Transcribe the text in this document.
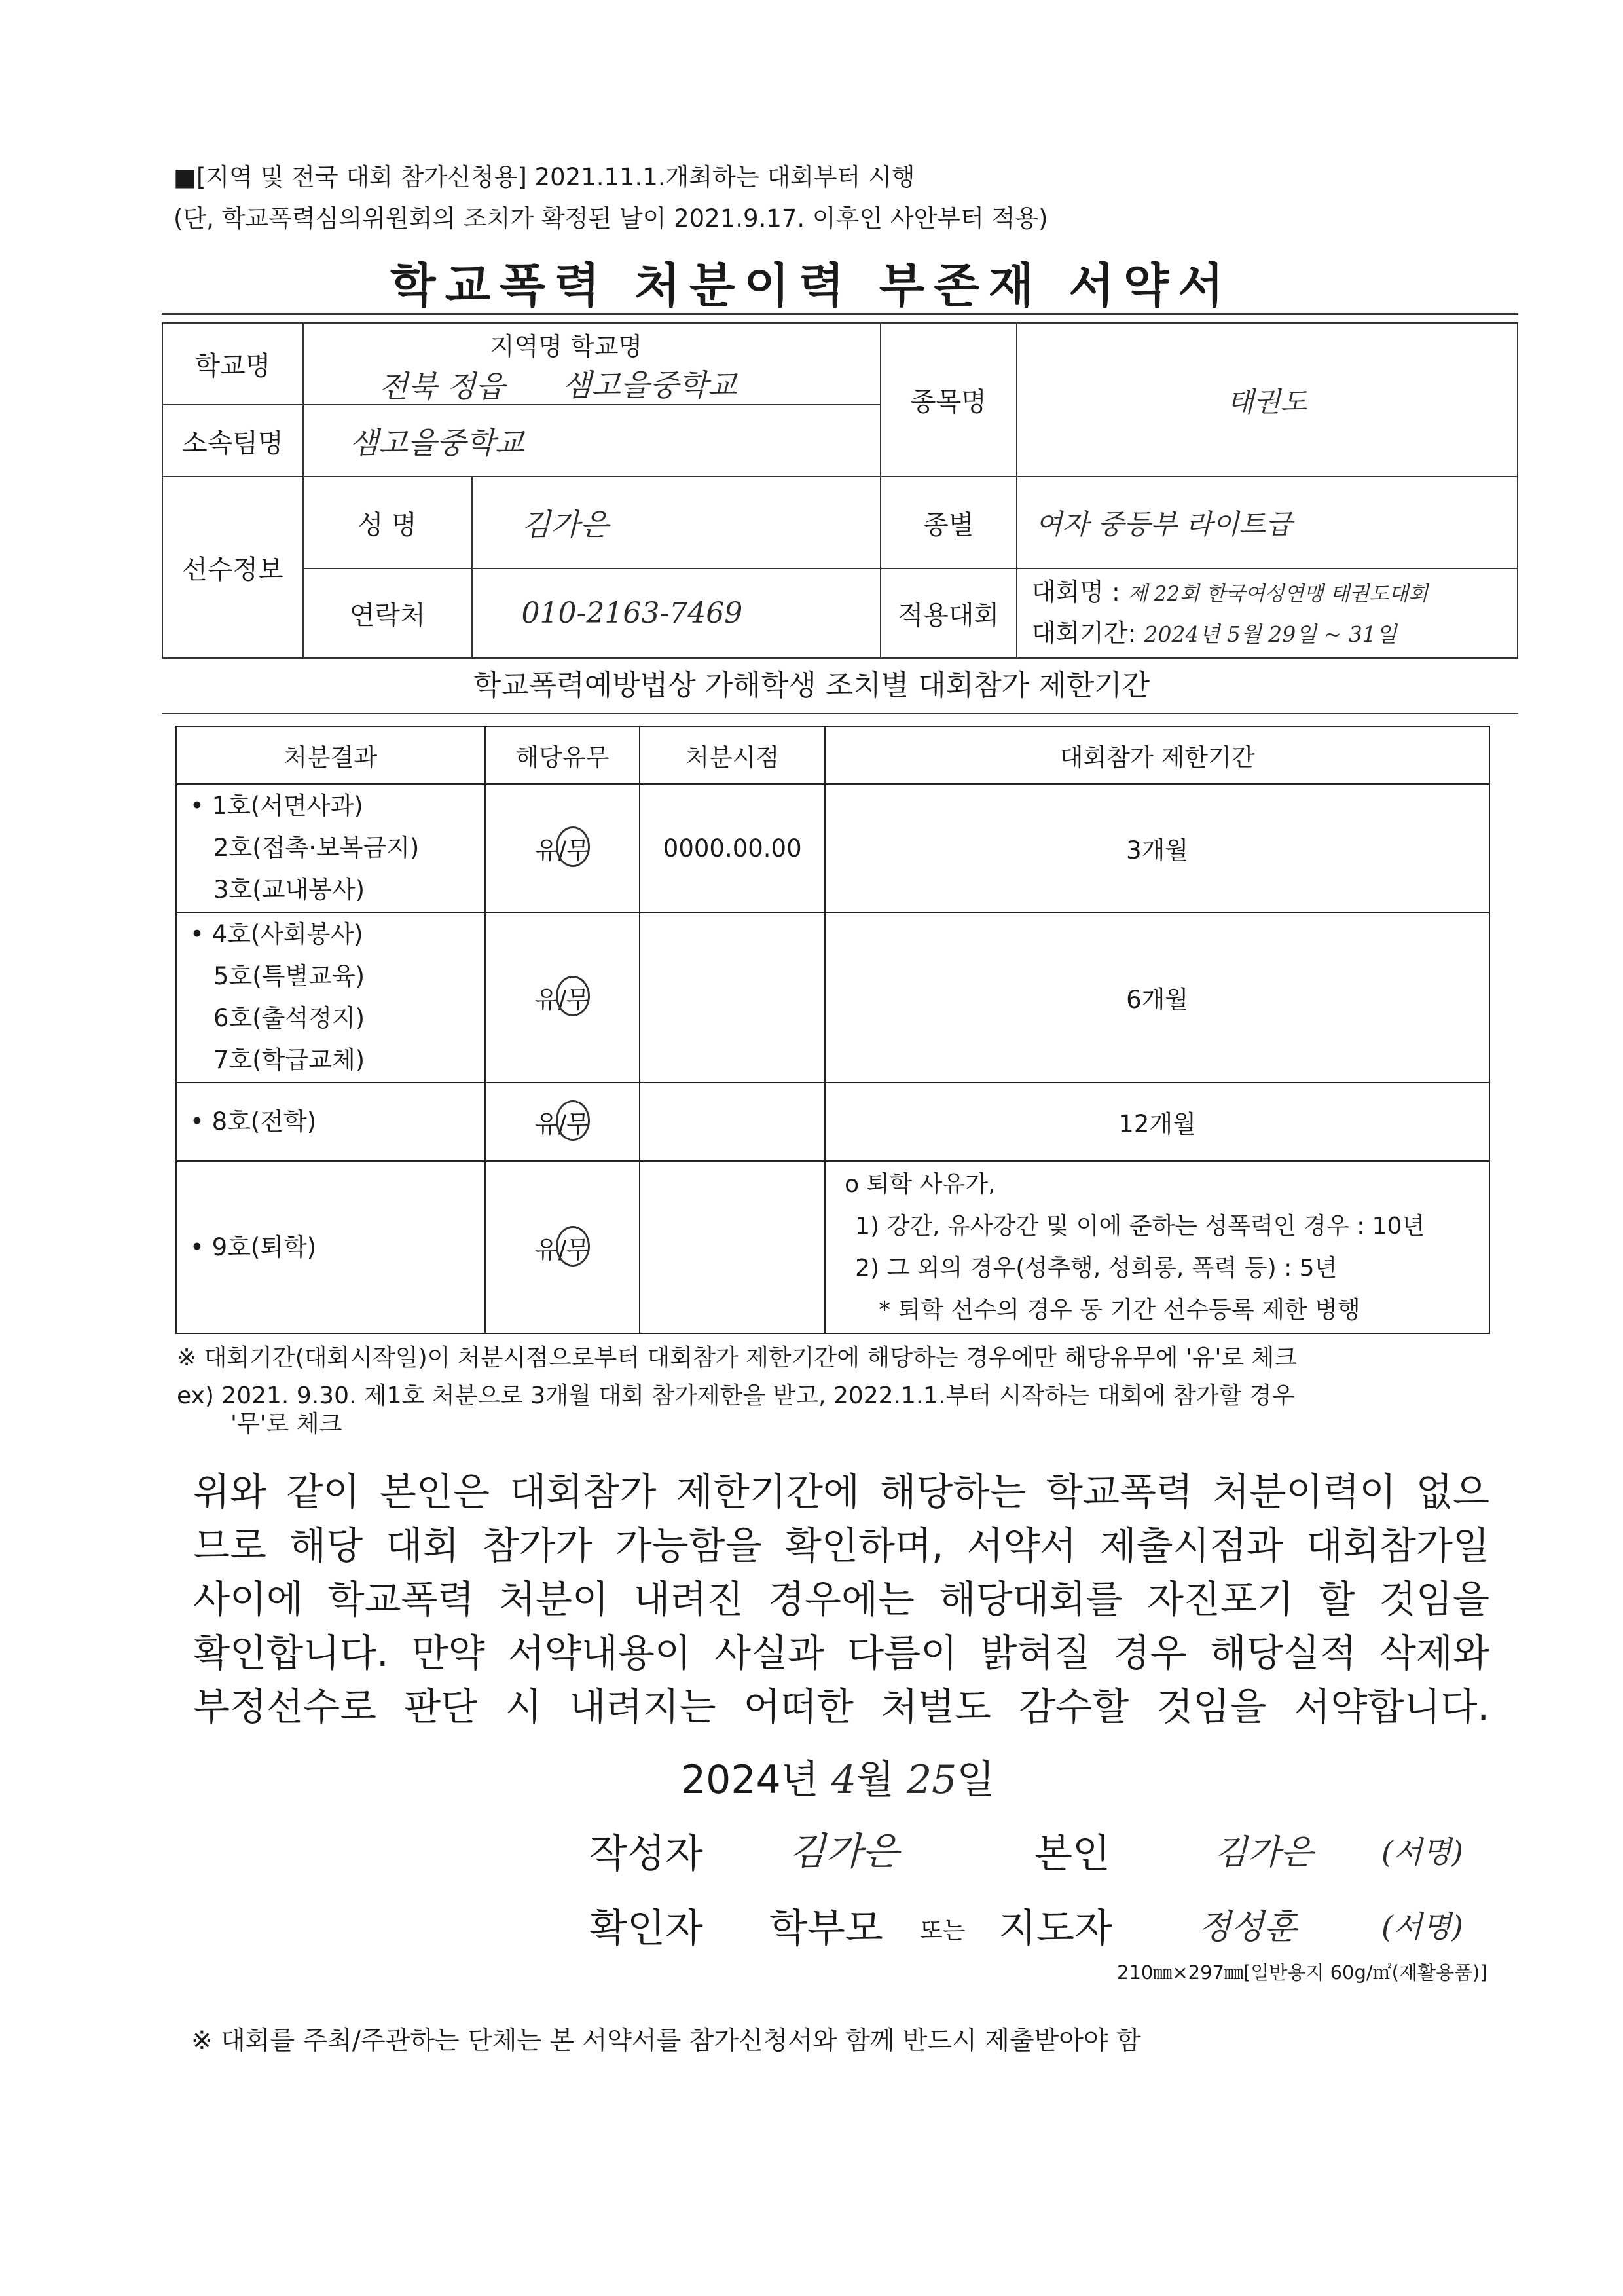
■[지역 및 전국 대회 참가신청용] 2021.11.1.개최하는 대회부터 시행
(단, 학교폭력심의위원회의 조치가 확정된 날이 2021.9.17. 이후인 사안부터 적용)
학교폭력 처분이력 부존재 서약서
학교명	지역명 학교명
전북 정읍 샘고을중학교		종목명	태권도
소속팀명	샘고을중학교			
선수정보	성 명	김가은	종별	여자 중등부 라이트급
	연락처	010-2163-7469	적용대회	대회명 : 제 22회 한국여성연맹 태권도대회
대회기간: 2024년 5월 29일 ~ 31일
학교폭력예방법상 가해학생 조치별 대회참가 제한기간
처분결과	해당유무	처분시점	대회참가 제한기간

• 1호(서면사과)
2호(접촉·보복금지)
3호(교내봉사)	유/무	0000.00.00	3개월

• 4호(사회봉사)
5호(특별교육)
6호(출석정지)
7호(학급교체)	유/무		6개월

• 8호(전학)	유/무		12개월

• 9호(퇴학)	유/무		o 퇴학 사유가,
1) 강간, 유사강간 및 이에 준하는 성폭력인 경우 : 10년
2) 그 외의 경우(성추행, 성희롱, 폭력 등) : 5년
* 퇴학 선수의 경우 동 기간 선수등록 제한 병행
※ 대회기간(대회시작일)이 처분시점으로부터 대회참가 제한기간에 해당하는 경우에만 해당유무에 '유'로 체크
ex) 2021. 9.30. 제1호 처분으로 3개월 대회 참가제한을 받고, 2022.1.1.부터 시작하는 대회에 참가할 경우
'무'로 체크
위와 같이 본인은 대회참가 제한기간에 해당하는 학교폭력 처분이력이 없으
므로 해당 대회 참가가 가능함을 확인하며, 서약서 제출시점과 대회참가일
사이에 학교폭력 처분이 내려진 경우에는 해당대회를 자진포기 할 것임을
확인합니다. 만약 서약내용이 사실과 다름이 밝혀질 경우 해당실적 삭제와
부정선수로 판단 시 내려지는 어떠한 처벌도 감수할 것임을 서약합니다.
2024년 4월 25일
작성자 김가은	본인	김가은 (서명)
확인자 학부모 또는 지도자	정성훈	(서명)
210㎜×297㎜[일반용지 60g/㎡(재활용품)]
※ 대회를 주최/주관하는 단체는 본 서약서를 참가신청서와 함께 반드시 제출받아야 함
